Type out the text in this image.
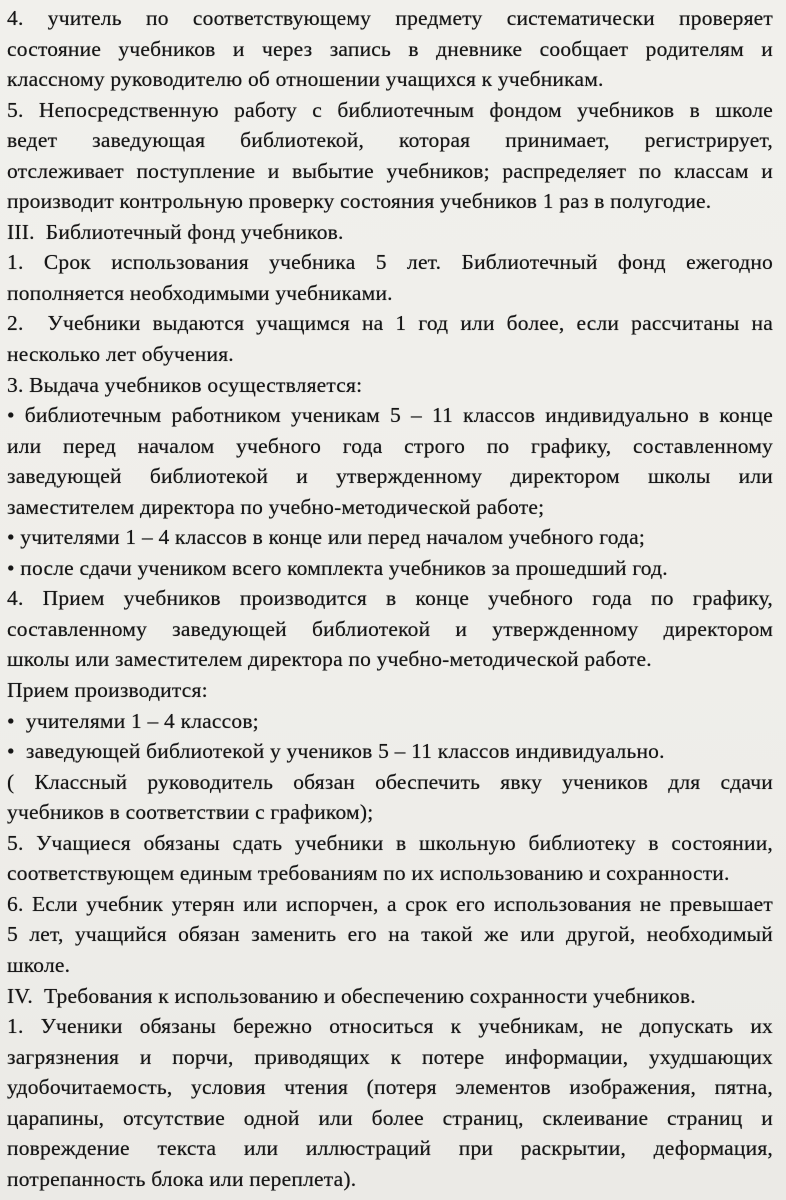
4. учитель по соответствующему предмету систематически проверяет
состояние учебников и через запись в дневнике сообщает родителям и
классному руководителю об отношении учащихся к учебникам.
5. Непосредственную работу с библиотечным фондом учебников в школе
ведет заведующая библиотекой, которая принимает, регистрирует,
отслеживает поступление и выбытие учебников; распределяет по классам и
производит контрольную проверку состояния учебников 1 раз в полугодие.
III.  Библиотечный фонд учебников.
1. Срок использования учебника 5 лет. Библиотечный фонд ежегодно
пополняется необходимыми учебниками.
2.  Учебники выдаются учащимся на 1 год или более, если рассчитаны на
несколько лет обучения.
3. Выдача учебников осуществляется:
• библиотечным работником ученикам 5 – 11 классов индивидуально в конце
или перед началом учебного года строго по графику, составленному
заведующей библиотекой и утвержденному директором школы или
заместителем директора по учебно-методической работе;
• учителями 1 – 4 классов в конце или перед началом учебного года;
• после сдачи учеником всего комплекта учебников за прошедший год.
4. Прием учебников производится в конце учебного года по графику,
составленному заведующей библиотекой и утвержденному директором
школы или заместителем директора по учебно-методической работе.
Прием производится:
•  учителями 1 – 4 классов;
•  заведующей библиотекой у учеников 5 – 11 классов индивидуально.
( Классный руководитель обязан обеспечить явку учеников для сдачи
учебников в соответствии с графиком);
5. Учащиеся обязаны сдать учебники в школьную библиотеку в состоянии,
соответствующем единым требованиям по их использованию и сохранности.
6. Если учебник утерян или испорчен, а срок его использования не превышает
5 лет, учащийся обязан заменить его на такой же или другой, необходимый
школе.
IV.  Требования к использованию и обеспечению сохранности учебников.
1. Ученики обязаны бережно относиться к учебникам, не допускать их
загрязнения и порчи, приводящих к потере информации, ухудшающих
удобочитаемость, условия чтения (потеря элементов изображения, пятна,
царапины, отсутствие одной или более страниц, склеивание страниц и
повреждение текста или иллюстраций при раскрытии, деформация,
потрепанность блока или переплета).
